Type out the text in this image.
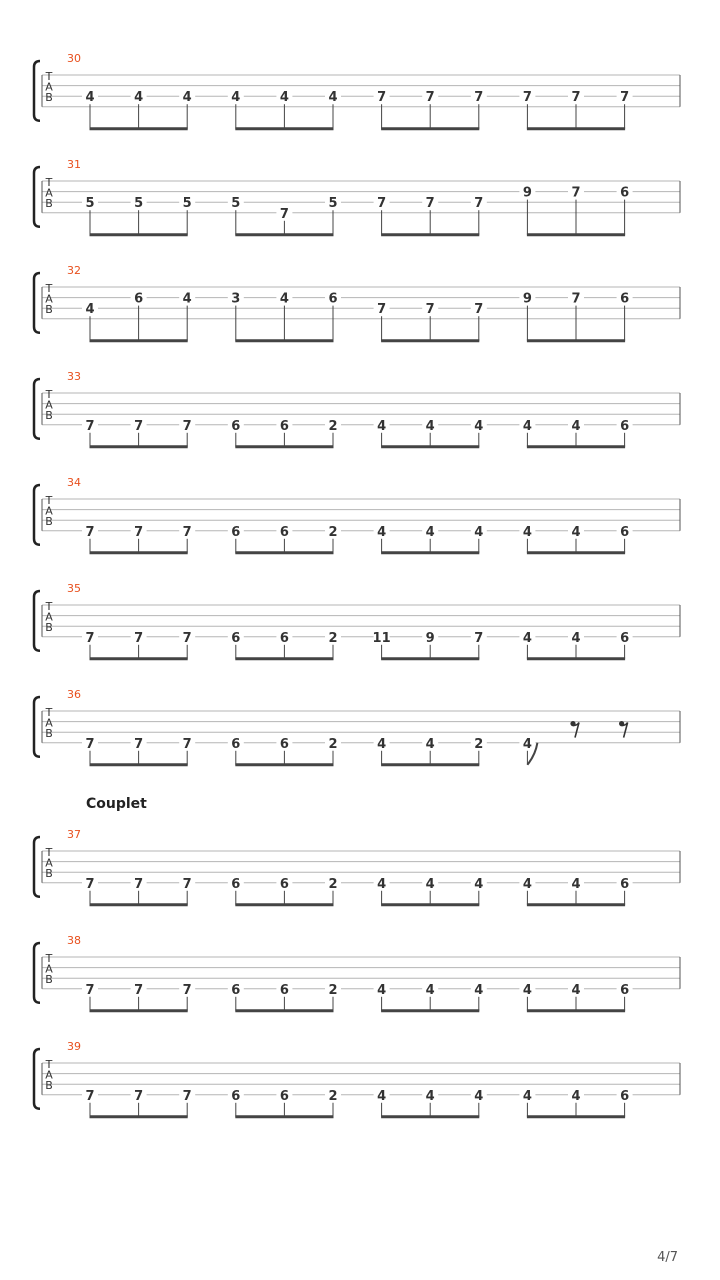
T
A
B
30
4	4	4	4	4	4	7	7	7	7	7	7
T
A
B
31
5	5	5	5
7
5	7	7	7
9	7	6
T
A
B
32
4
6	4	3	4	6
7	7	7
9	7	6
T
A
B
33
7	7	7	6	6	2	4	4	4	4	4	6
T
A
B
34
7	7	7	6	6	2	4	4	4	4	4	6
T
A
B
35
7	7	7	6	6	2	11	9	7	4	4	6
T
A
B
36
7	7	7	6	6	2	4	4	2	4
T
A
B
37
7	7	7	6	6	2	4	4	4	4	4	6
T
A
B
38
7	7	7	6	6	2	4	4	4	4	4	6
T
A
B
39
7	7	7	6	6	2	4	4	4	4	4	6
Couplet
4/7
